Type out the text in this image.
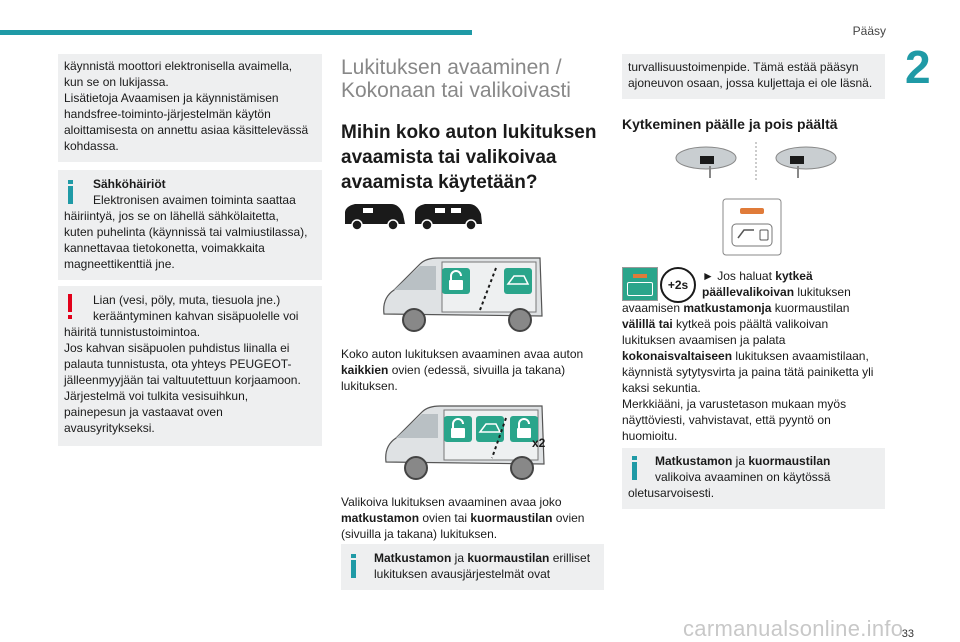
Pääsy
2

käynnistä moottori elektronisella avaimella,

kun se on lukijassa.

Lisätietoja Avaamisen ja käynnistämisen

handsfree-toiminto-järjestelmän käytön

aloittamisesta on annettu asiaa käsittelevässä

kohdassa.

Sähköhäiriöt

Elektronisen avaimen toiminta saattaa

häiriintyä, jos se on lähellä sähkölaitetta,

kuten puhelinta (käynnissä tai valmiustilassa),

kannettavaa tietokonetta, voimakkaita

magneettikenttiä jne.

Lian (vesi, pöly, muta, tiesuola jne.)

kerääntyminen kahvan sisäpuolelle voi

häiritä tunnistustoimintoa.

Jos kahvan sisäpuolen puhdistus liinalla ei

palauta tunnistusta, ota yhteys PEUGEOT-

jälleenmyyjään tai valtuutettuun korjaamoon.

Järjestelmä voi tulkita vesisuihkun,

painepesun ja vastaavat oven

avausyritykseksi.

Lukituksen avaaminen /
Kokonaan tai valikoivasti
Mihin koko auton lukituksen
avaamista tai valikoivaa
avaamista käytetään?

Koko auton lukituksen avaaminen avaa auton

kaikkien ovien (edessä, sivuilla ja takana)

lukituksen.

x2

Valikoiva lukituksen avaaminen avaa joko

matkustamon ovien tai kuormaustilan ovien

(sivuilla ja takana) lukituksen.

Matkustamon ja kuormaustilan erilliset

lukituksen avausjärjestelmät ovat

turvallisuustoimenpide. Tämä estää pääsyn

ajoneuvon osaan, jossa kuljettaja ei ole läsnä.

Kytkeminen päälle ja pois päältä
+2s

► Jos haluat kytkeä

päällevalikoivan lukituksen

avaamisen matkustamonja kuormaustilan

välillä tai kytkeä pois päältä valikoivan

lukituksen avaamisen ja palata

kokonaisvaltaiseen lukituksen avaamistilaan,

käynnistä sytytysvirta ja paina tätä painiketta yli

kaksi sekuntia.

Merkkiääni, ja varustetason mukaan myös

näyttöviesti, vahvistavat, että pyyntö on

huomioitu.

Matkustamon ja kuormaustilan

valikoiva avaaminen on käytössä

oletusarvoisesti.

33
carmanualsonline.info
